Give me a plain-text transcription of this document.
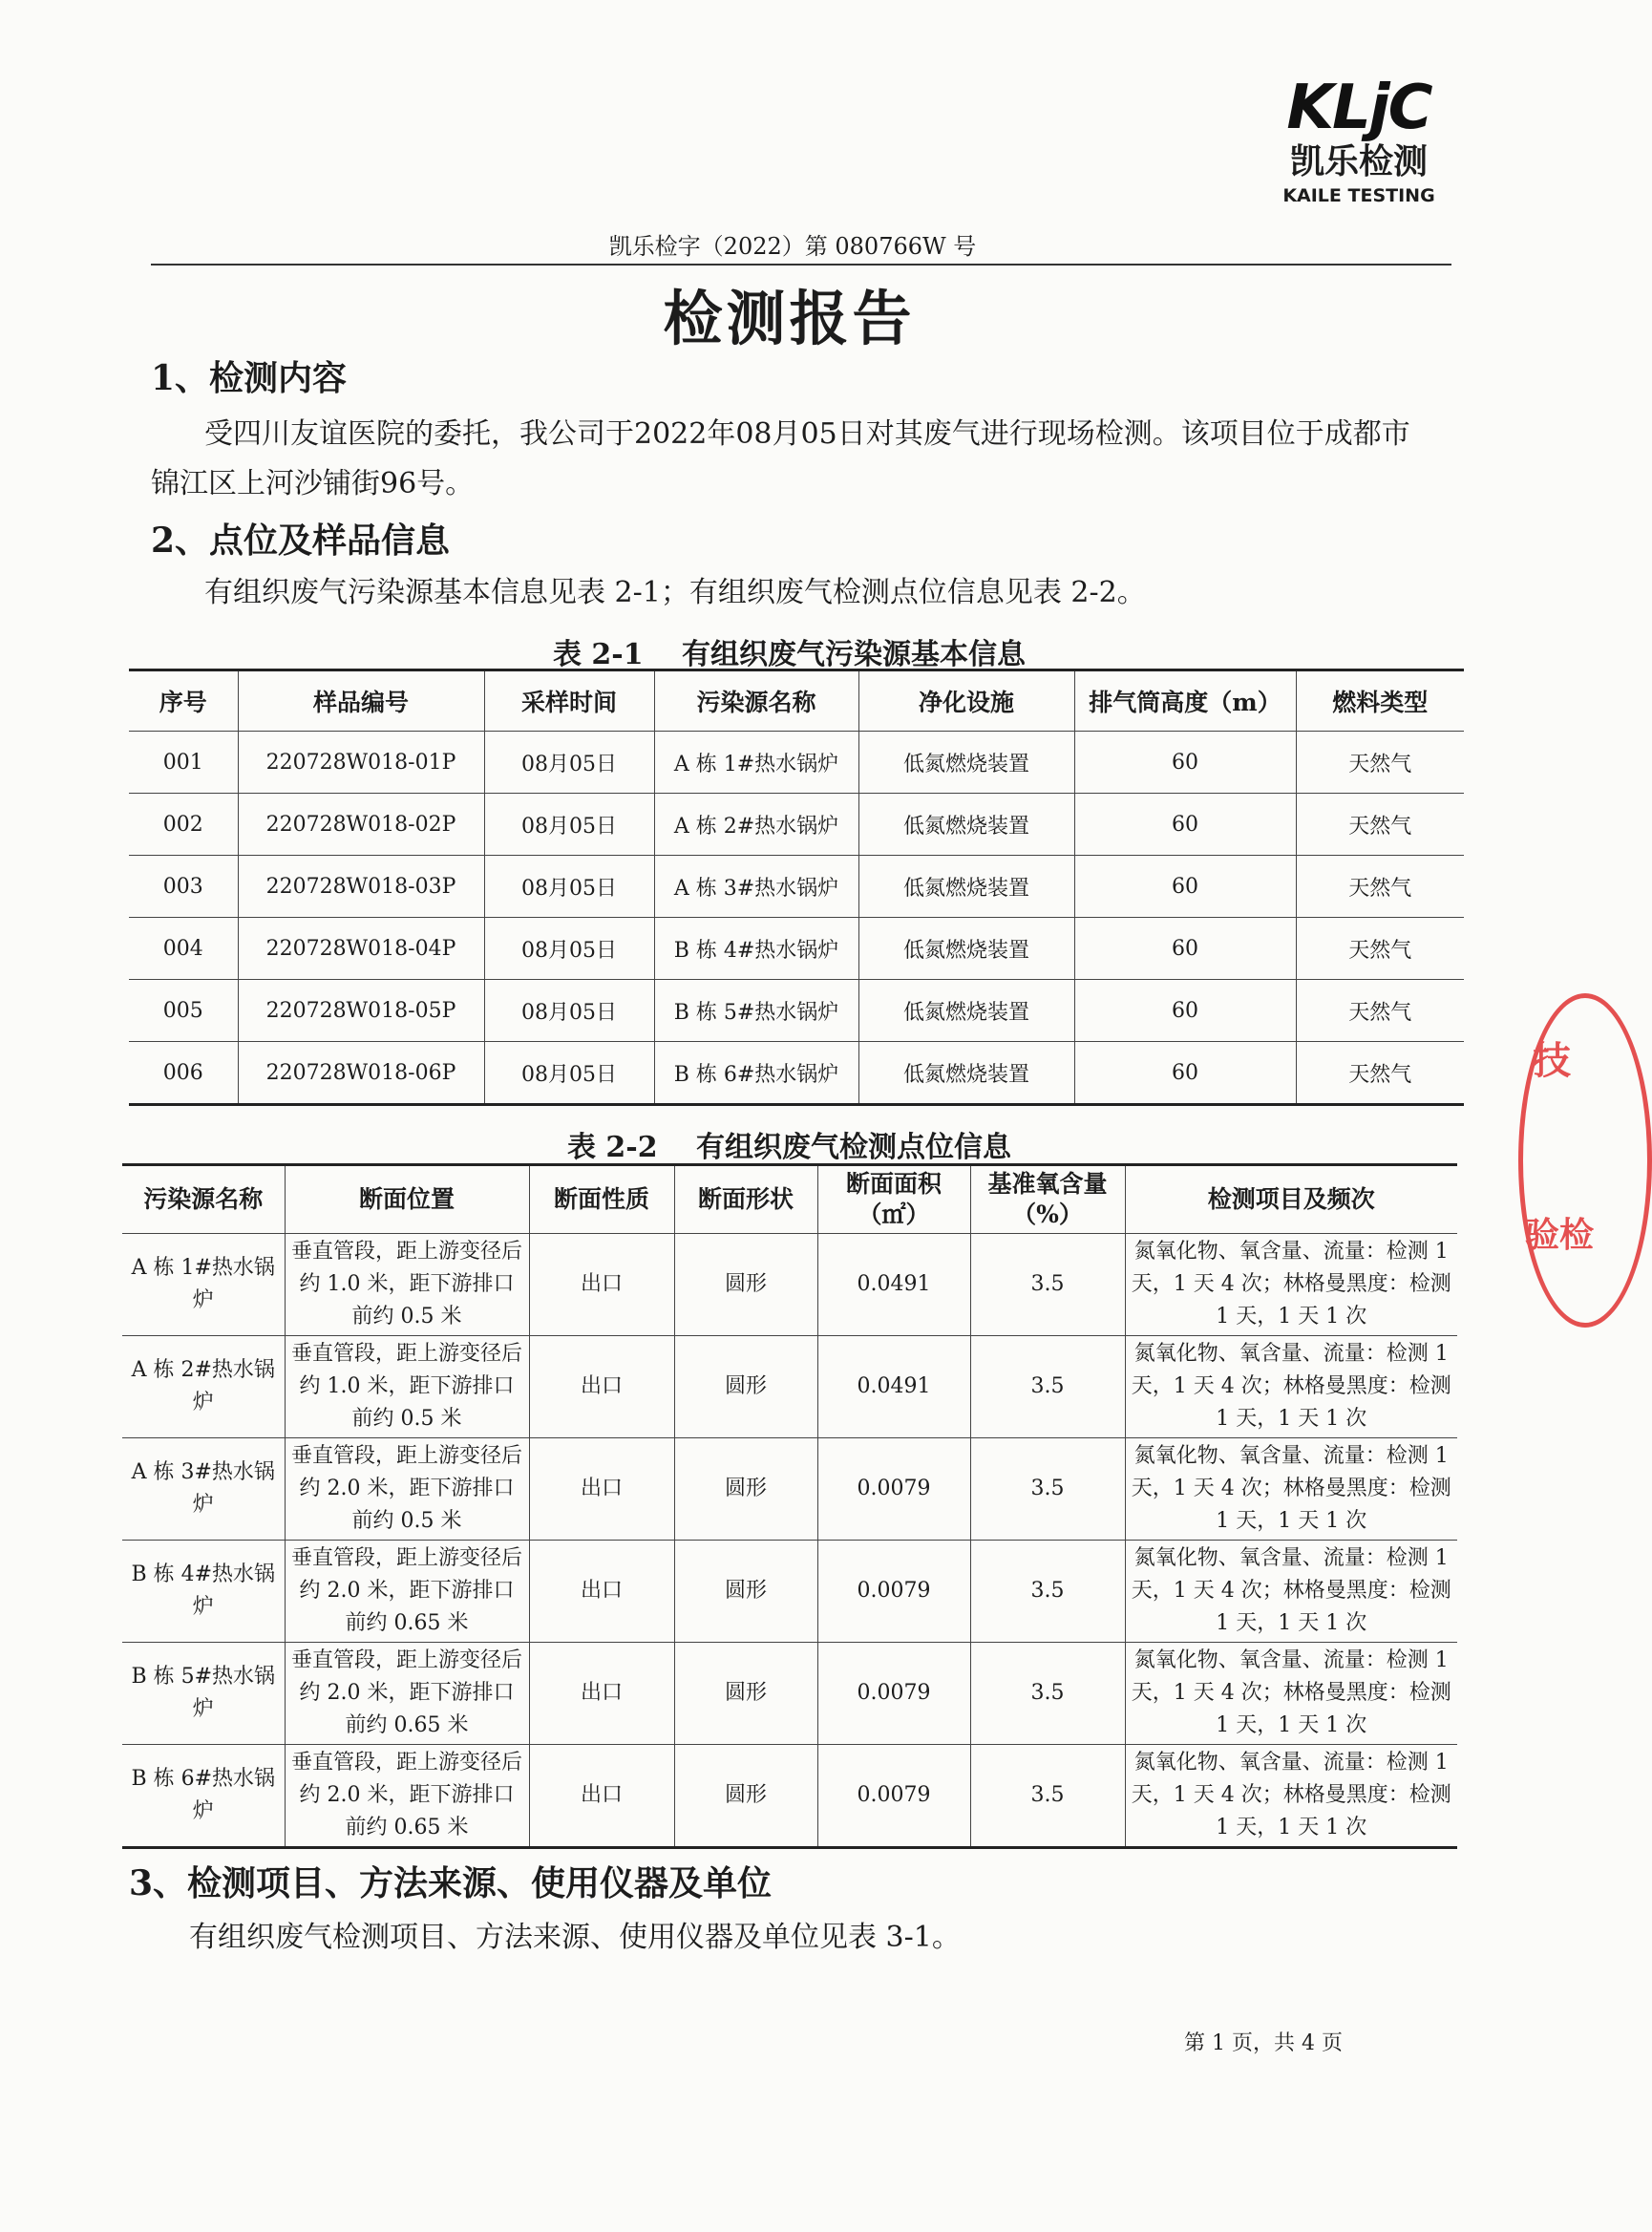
KLjC
凯乐检测
KAILE TESTING
凯乐检字（2022）第 080766W 号
检测报告
1、检测内容
受四川友谊医院的委托，我公司于2022年08月05日对其废气进行现场检测。该项目位于成都市
锦江区上河沙铺街96号。
2、点位及样品信息
有组织废气污染源基本信息见表 2-1；有组织废气检测点位信息见表 2-2。
表 2-1　 有组织废气污染源基本信息
序号	样品编号	采样时间	污染源名称	净化设施	排气筒高度（m）	燃料类型
001	220728W018-01P	08月05日	A 栋 1#热水锅炉	低氮燃烧装置	60	天然气
002	220728W018-02P	08月05日	A 栋 2#热水锅炉	低氮燃烧装置	60	天然气
003	220728W018-03P	08月05日	A 栋 3#热水锅炉	低氮燃烧装置	60	天然气
004	220728W018-04P	08月05日	B 栋 4#热水锅炉	低氮燃烧装置	60	天然气
005	220728W018-05P	08月05日	B 栋 5#热水锅炉	低氮燃烧装置	60	天然气
006	220728W018-06P	08月05日	B 栋 6#热水锅炉	低氮燃烧装置	60	天然气
表 2-2　 有组织废气检测点位信息
污染源名称	断面位置	断面性质	断面形状	断面面积（㎡）	基准氧含量（%）	检测项目及频次
A 栋 1#热水锅炉	垂直管段，距上游变径后约 1.0 米，距下游排口前约 0.5 米	出口	圆形	0.0491	3.5	氮氧化物、氧含量、流量：检测 1 天，1 天 4 次；林格曼黑度：检测 1 天，1 天 1 次
A 栋 2#热水锅炉	垂直管段，距上游变径后约 1.0 米，距下游排口前约 0.5 米	出口	圆形	0.0491	3.5	氮氧化物、氧含量、流量：检测 1 天，1 天 4 次；林格曼黑度：检测 1 天，1 天 1 次
A 栋 3#热水锅炉	垂直管段，距上游变径后约 2.0 米，距下游排口前约 0.5 米	出口	圆形	0.0079	3.5	氮氧化物、氧含量、流量：检测 1 天，1 天 4 次；林格曼黑度：检测 1 天，1 天 1 次
B 栋 4#热水锅炉	垂直管段，距上游变径后约 2.0 米，距下游排口前约 0.65 米	出口	圆形	0.0079	3.5	氮氧化物、氧含量、流量：检测 1 天，1 天 4 次；林格曼黑度：检测 1 天，1 天 1 次
B 栋 5#热水锅炉	垂直管段，距上游变径后约 2.0 米，距下游排口前约 0.65 米	出口	圆形	0.0079	3.5	氮氧化物、氧含量、流量：检测 1 天，1 天 4 次；林格曼黑度：检测 1 天，1 天 1 次
B 栋 6#热水锅炉	垂直管段，距上游变径后约 2.0 米，距下游排口前约 0.65 米	出口	圆形	0.0079	3.5	氮氧化物、氧含量、流量：检测 1 天，1 天 4 次；林格曼黑度：检测 1 天，1 天 1 次
3、检测项目、方法来源、使用仪器及单位
有组织废气检测项目、方法来源、使用仪器及单位见表 3-1。
第 1 页，共 4 页
技
验检
